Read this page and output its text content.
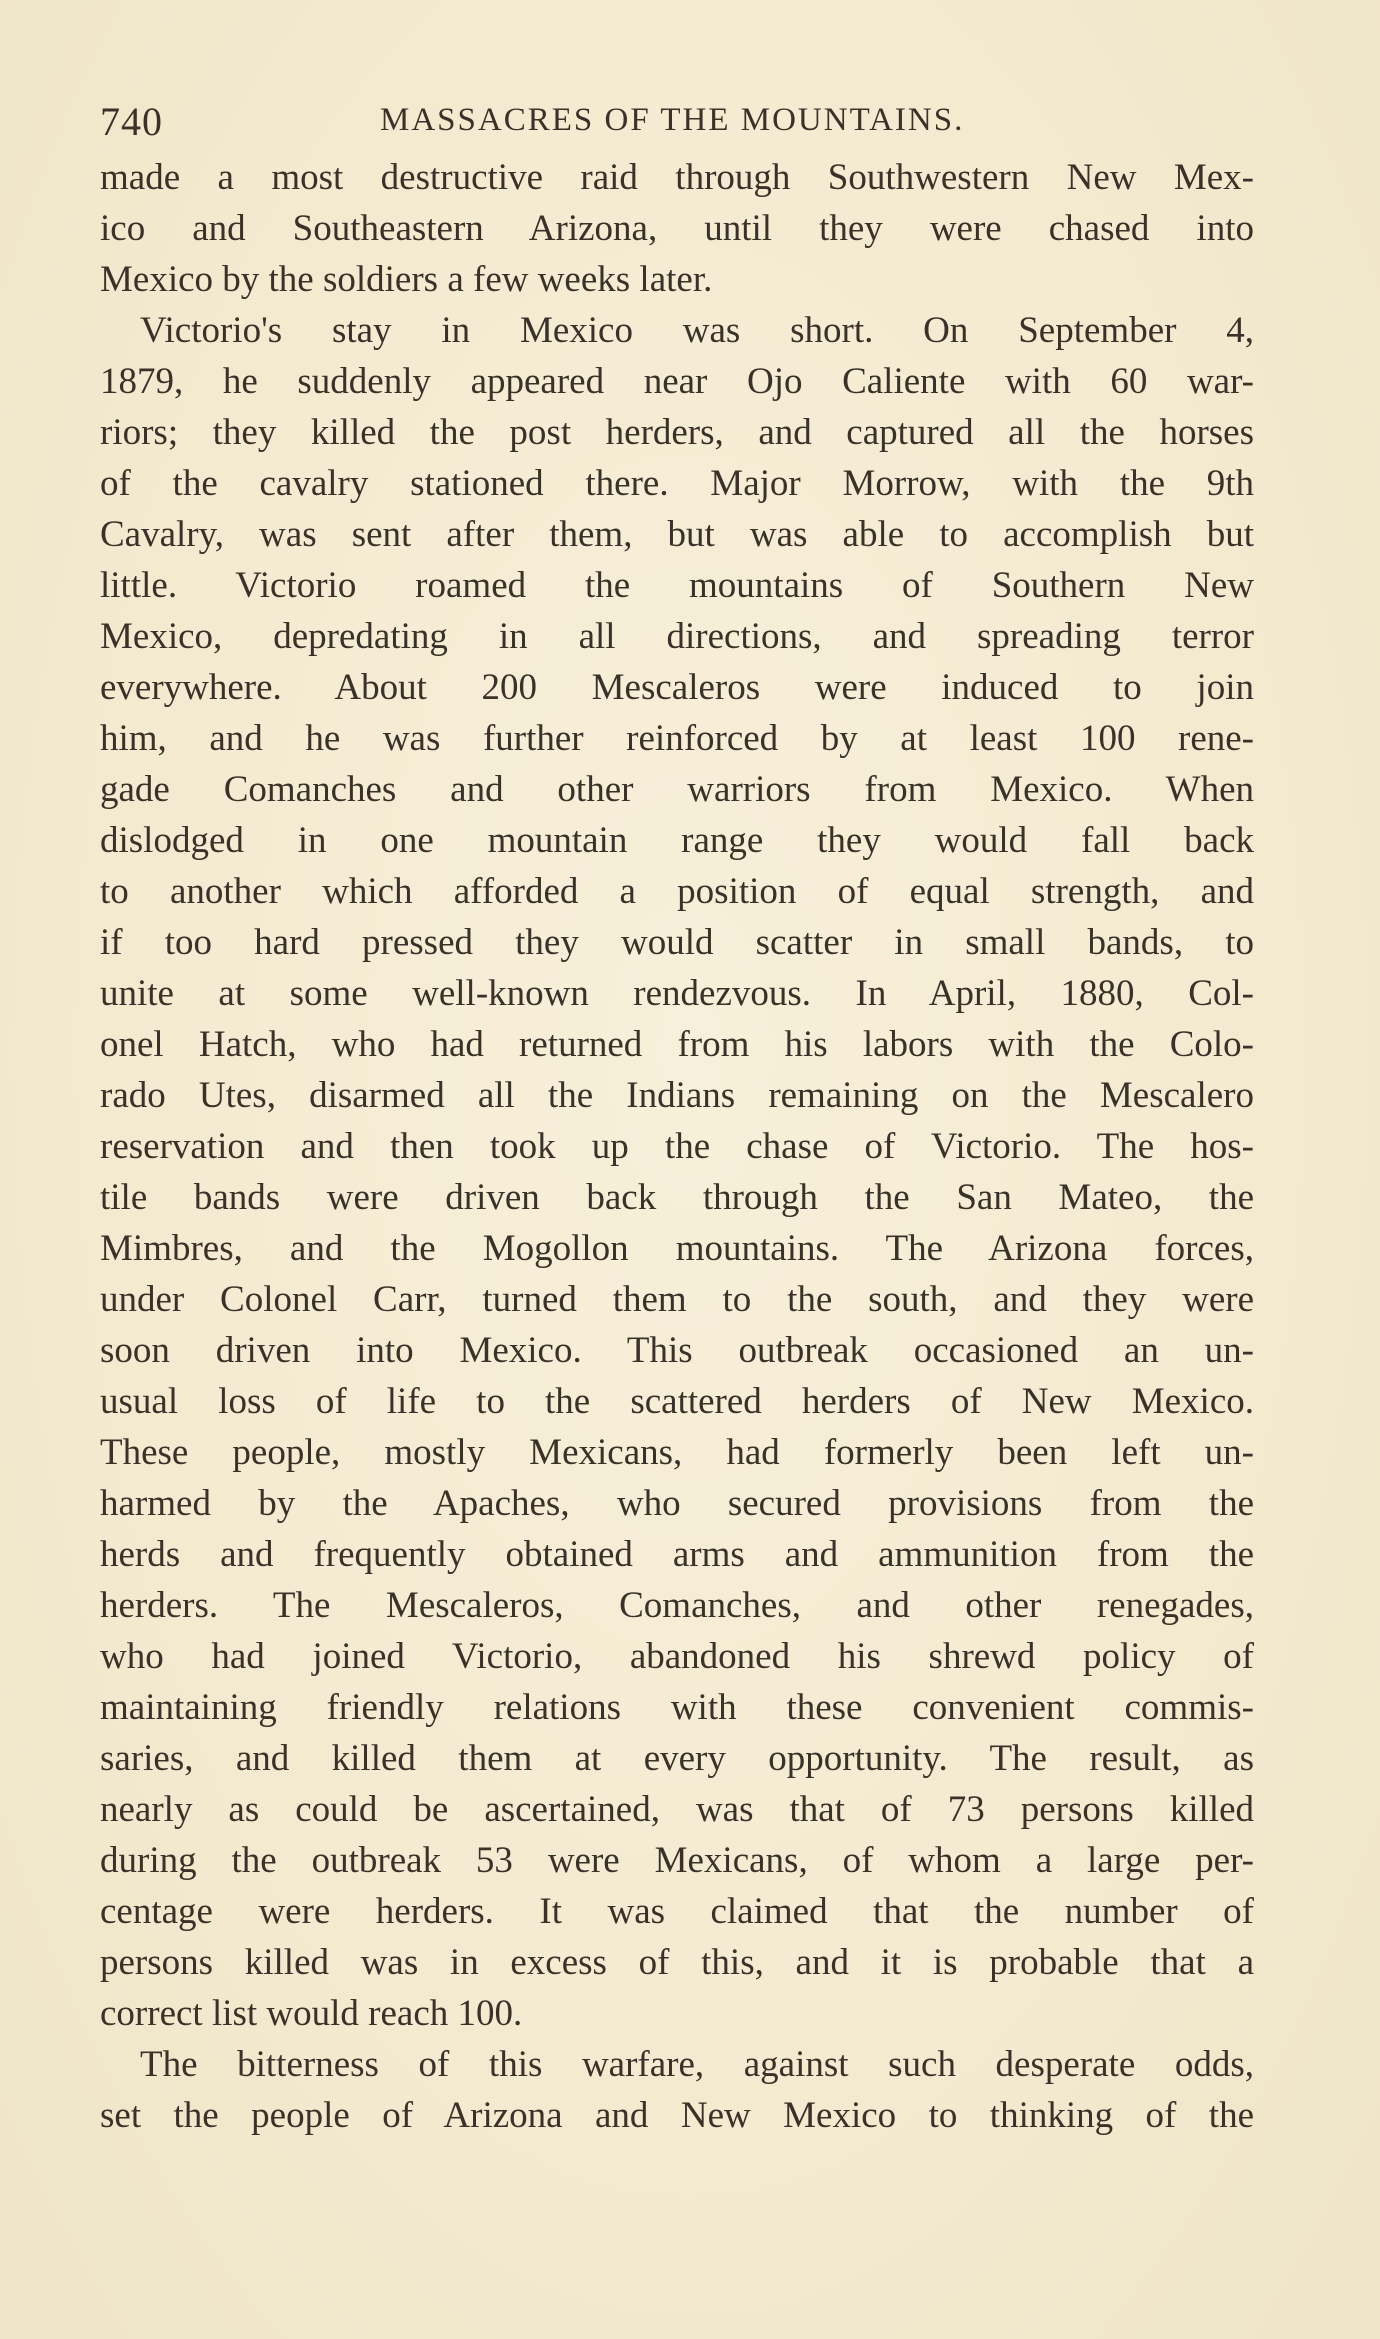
740	MASSACRES OF THE MOUNTAINS.
made a most destructive raid through Southwestern New Mex-
ico and Southeastern Arizona, until they were chased into
Mexico by the soldiers a few weeks later.
Victorio's stay in Mexico was short. On September 4,
1879, he suddenly appeared near Ojo Caliente with 60 war-
riors; they killed the post herders, and captured all the horses
of the cavalry stationed there. Major Morrow, with the 9th
Cavalry, was sent after them, but was able to accomplish but
little. Victorio roamed the mountains of Southern New
Mexico, depredating in all directions, and spreading terror
everywhere. About 200 Mescaleros were induced to join
him, and he was further reinforced by at least 100 rene-
gade Comanches and other warriors from Mexico. When
dislodged in one mountain range they would fall back
to another which afforded a position of equal strength, and
if too hard pressed they would scatter in small bands, to
unite at some well-known rendezvous. In April, 1880, Col-
onel Hatch, who had returned from his labors with the Colo-
rado Utes, disarmed all the Indians remaining on the Mescalero
reservation and then took up the chase of Victorio. The hos-
tile bands were driven back through the San Mateo, the
Mimbres, and the Mogollon mountains. The Arizona forces,
under Colonel Carr, turned them to the south, and they were
soon driven into Mexico. This outbreak occasioned an un-
usual loss of life to the scattered herders of New Mexico.
These people, mostly Mexicans, had formerly been left un-
harmed by the Apaches, who secured provisions from the
herds and frequently obtained arms and ammunition from the
herders. The Mescaleros, Comanches, and other renegades,
who had joined Victorio, abandoned his shrewd policy of
maintaining friendly relations with these convenient commis-
saries, and killed them at every opportunity. The result, as
nearly as could be ascertained, was that of 73 persons killed
during the outbreak 53 were Mexicans, of whom a large per-
centage were herders. It was claimed that the number of
persons killed was in excess of this, and it is probable that a
correct list would reach 100.
The bitterness of this warfare, against such desperate odds,
set the people of Arizona and New Mexico to thinking of the
